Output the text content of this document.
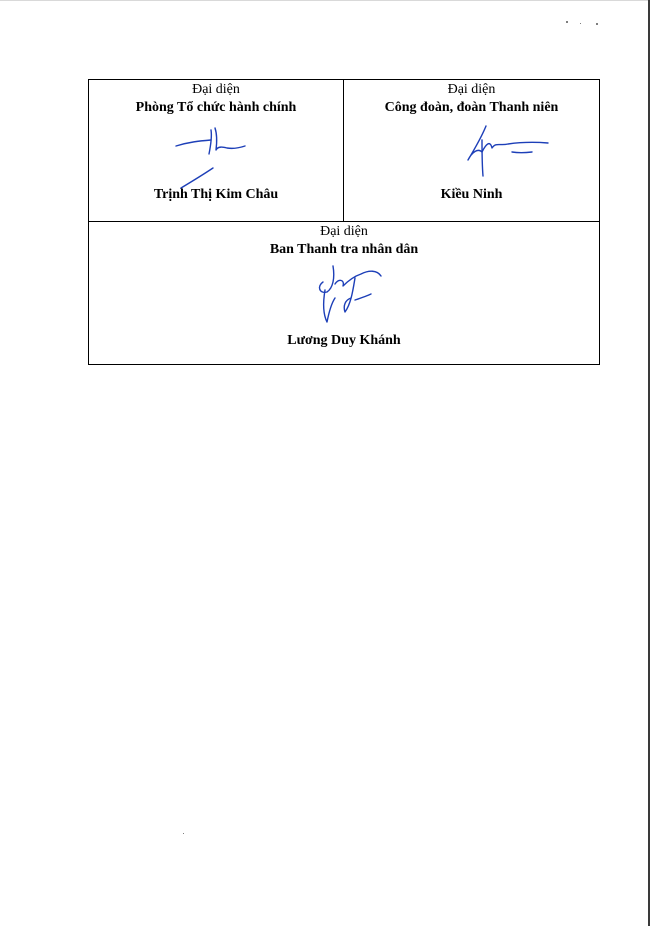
Đại diện
Phòng Tổ chức hành chính
Trịnh Thị Kim Châu

Đại diện
Công đoàn, đoàn Thanh niên
Kiều Ninh

Đại diện
Ban Thanh tra nhân dân
Lương Duy Khánh
